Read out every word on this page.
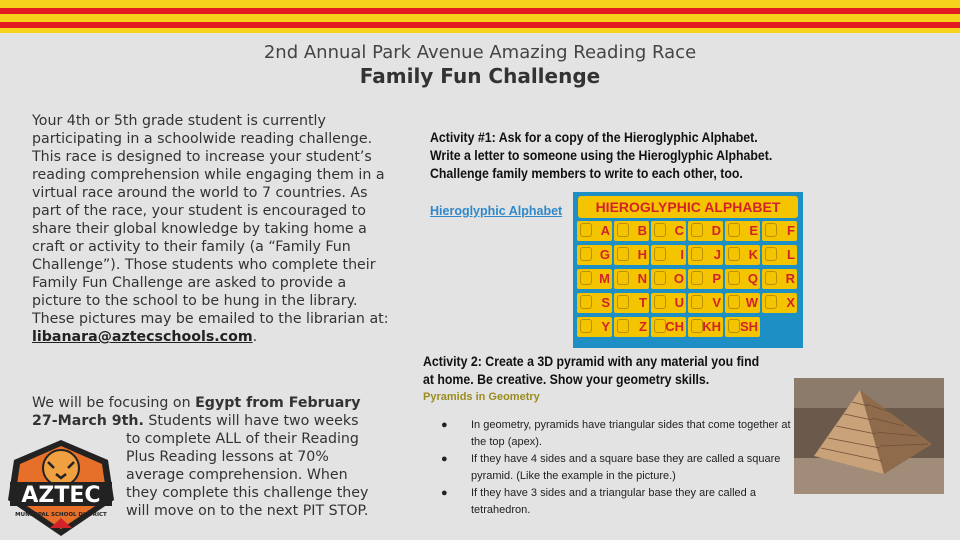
2nd Annual Park Avenue Amazing Reading Race
Family Fun Challenge

Your 4th or 5th grade student is currently participating in a schoolwide reading challenge. This race is designed to increase your student’s reading comprehension while engaging them in a virtual race around the world to 7 countries. As part of the race, your student is encouraged to share their global knowledge by taking home a craft or activity to their family (a “Family Fun Challenge”). Those students who complete their Family Fun Challenge are asked to provide a picture to the school to be hung in the library. These pictures may be emailed to the librarian at: libanara@aztecschools.com.

We will be focusing on Egypt from February
27-March 9th. Students will have two weeks
to complete ALL of their Reading
Plus Reading lessons at 70%
average comprehension. When
they complete this challenge they
will move on to the next PIT STOP.
AZTEC
MUNICIPAL SCHOOL DISTRICT
Activity #1: Ask for a copy of the Hieroglyphic Alphabet.
Write a letter to someone using the Hieroglyphic Alphabet.
Challenge family members to write to each other, too.
Hieroglyphic Alphabet	HIEROGLYPHIC ALPHABET
A	B	C	D	E	F
G	H	I	J	K	L
M	N	O	P	Q	R
S	T	U	V	W	X
Y	Z	CH	KH	SH
Activity 2: Create a 3D pyramid with any material you find
at home. Be creative. Show your geometry skills.
Pyramids in Geometry
● In geometry, pyramids have triangular sides that come together at the top (apex).
● If they have 4 sides and a square base they are called a square pyramid. (Like the example in the picture.)
● If they have 3 sides and a triangular base they are called a tetrahedron.
